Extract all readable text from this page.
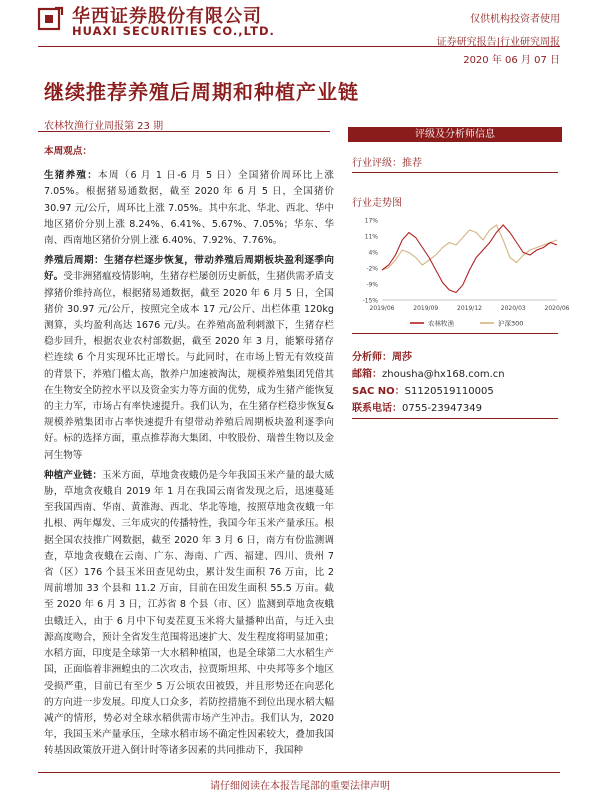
华西证券股份有限公司
HUAXI SECURITIES CO.,LTD.
仅供机构投资者使用
证券研究报告|行业研究周报
2020 年 06 月 07 日
继续推荐养殖后周期和种植产业链
农林牧渔行业周报第 23 期

本周观点：

生猪养殖：本周（6 月 1 日-6 月 5 日）全国猪价周环比上涨 7.05%。根据猪易通数据，截至 2020 年 6 月 5 日，全国猪价 30.97 元/公斤，周环比上涨 7.05%。其中东北、华北、西北、华中地区猪价分别上涨 8.24%、6.41%、5.67%、7.05%；华东、华南、西南地区猪价分别上涨 6.40%、7.92%、7.76%。

养殖后周期：生猪存栏逐步恢复，带动养殖后周期板块盈利逐季向好。受非洲猪瘟疫情影响，生猪存栏屡创历史新低，生猪供需矛盾支撑猪价维持高位，根据猪易通数据，截至 2020 年 6 月 5 日，全国猪价 30.97 元/公斤，按照完全成本 17 元/公斤、出栏体重 120kg 测算，头均盈利高达 1676 元/头。在养殖高盈利刺激下，生猪存栏稳步回升，根据农业农村部数据，截至 2020 年 3 月，能繁母猪存栏连续 6 个月实现环比正增长。与此同时，在市场上暂无有效疫苗的背景下，养殖门槛太高，散养户加速被淘汰，规模养殖集团凭借其在生物安全防控水平以及资金实力等方面的优势，成为生猪产能恢复的主力军，市场占有率快速提升。我们认为，在生猪存栏稳步恢复&规模养殖集团市占率快速提升有望带动养殖后周期板块盈利逐季向好。标的选择方面，重点推荐海大集团、中牧股份、瑞普生物以及金河生物等

种植产业链：玉米方面，草地贪夜蛾仍是今年我国玉米产量的最大威胁，草地贪夜蛾自 2019 年 1 月在我国云南省发现之后，迅速蔓延至我国西南、华南、黄淮海、西北、华北等地，按照草地贪夜蛾一年扎根、两年爆发、三年成灾的传播特性，我国今年玉米产量承压。根据全国农技推广网数据，截至 2020 年 3 月 6 日，南方有份监测调查，草地贪夜蛾在云南、广东、海南、广西、福建、四川、贵州 7 省（区）176 个县玉米田查见幼虫，累计发生面积 76 万亩，比 2 周前增加 33 个县和 11.2 万亩，目前在田发生面积 55.5 万亩。截至 2020 年 6 月 3 日，江苏省 8 个县（市、区）监测到草地贪夜蛾虫蛾迁入，由于 6 月中下旬麦茬夏玉米将大量播种出苗，与迁入虫源高度吻合，预计全省发生范围将迅速扩大、发生程度将明显加重；水稻方面，印度是全球第一大水稻种植国，也是全球第二大水稻生产国，正面临着非洲蝗虫的二次攻击，拉贾斯坦邦、中央邦等多个地区受损严重，目前已有至少 5 万公顷农田被毁，并且形势还在向恶化的方向进一步发展。印度人口众多，若防控措施不到位出现水稻大幅减产的情形，势必对全球水稻供需市场产生冲击。我们认为，2020 年，我国玉米产量承压，全球水稻市场不确定性因素较大，叠加我国转基因政策放开进入倒计时等诸多因素的共同推动下，我国种

评级及分析师信息
行业评级：推荐
行业走势图
17%
11%
4%
-2%
-9%
-15%
2019/06	2019/09	2019/12	2020/03	2020/06
农林牧渔	沪深300
分析师：周莎
邮箱：zhousha@hx168.com.cn
SAC NO：S1120519110005
联系电话：0755-23947349
请仔细阅读在本报告尾部的重要法律声明
